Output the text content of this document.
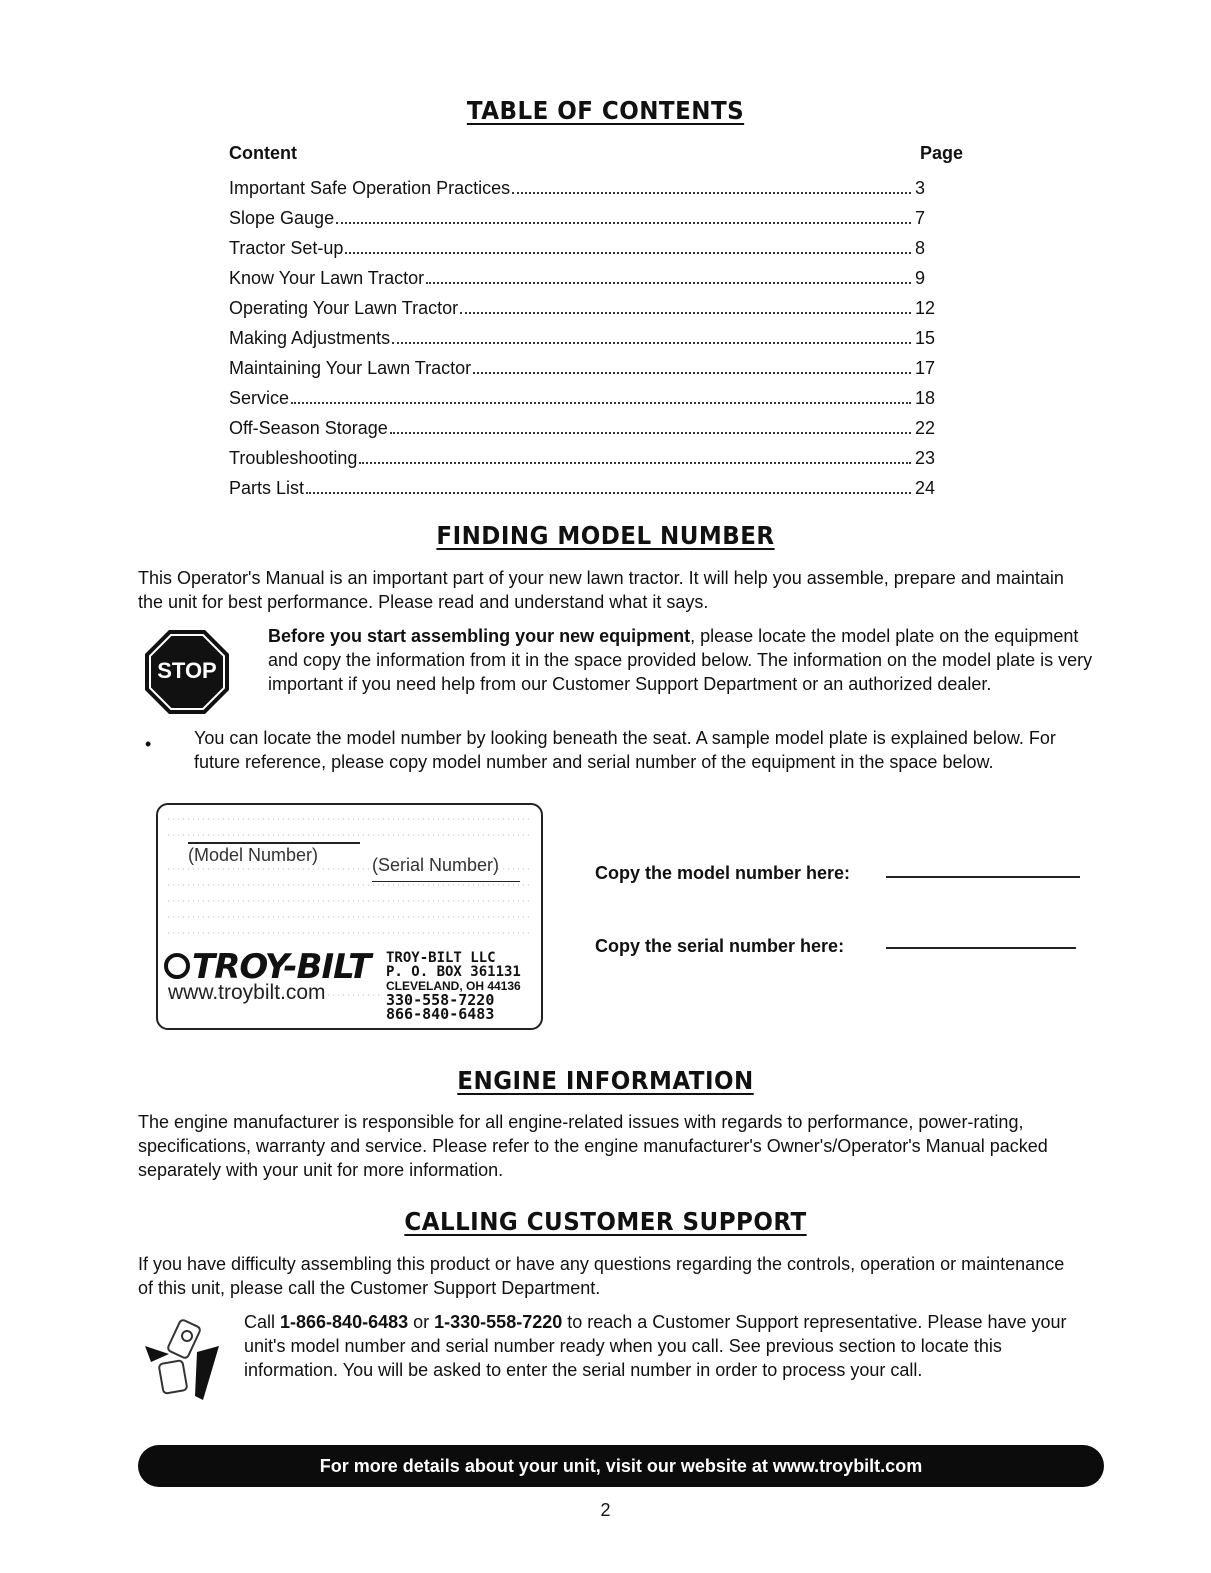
TABLE OF CONTENTS
Content	Page
Important Safe Operation Practices	3
Slope Gauge	7
Tractor Set-up	8
Know Your Lawn Tractor	9
Operating Your Lawn Tractor	12
Making Adjustments	15
Maintaining Your Lawn Tractor	17
Service	18
Off-Season Storage	22
Troubleshooting	23
Parts List	24
FINDING MODEL NUMBER
This Operator's Manual is an important part of your new lawn tractor. It will help you assemble, prepare and maintain the unit for best performance. Please read and understand what it says.
STOP
Before you start assembling your new equipment, please locate the model plate on the equipment and copy the information from it in the space provided below. The information on the model plate is very important if you need help from our Customer Support Department or an authorized dealer.
• You can locate the model number by looking beneath the seat. A sample model plate is explained below. For future reference, please copy model number and serial number of the equipment in the space below.
(Model Number)	(Serial Number)
TROY-BILT
www.troybilt.com
TROY-BILT LLC
P. O. BOX 361131
CLEVELAND, OH 44136
330-558-7220
866-840-6483
Copy the model number here:
Copy the serial number here:
ENGINE INFORMATION
The engine manufacturer is responsible for all engine-related issues with regards to performance, power-rating, specifications, warranty and service. Please refer to the engine manufacturer's Owner's/Operator's Manual packed separately with your unit for more information.
CALLING CUSTOMER SUPPORT
If you have difficulty assembling this product or have any questions regarding the controls, operation or maintenance of this unit, please call the Customer Support Department.
Call 1-866-840-6483 or 1-330-558-7220 to reach a Customer Support representative. Please have your unit's model number and serial number ready when you call. See previous section to locate this information. You will be asked to enter the serial number in order to process your call.
For more details about your unit, visit our website at www.troybilt.com
2
